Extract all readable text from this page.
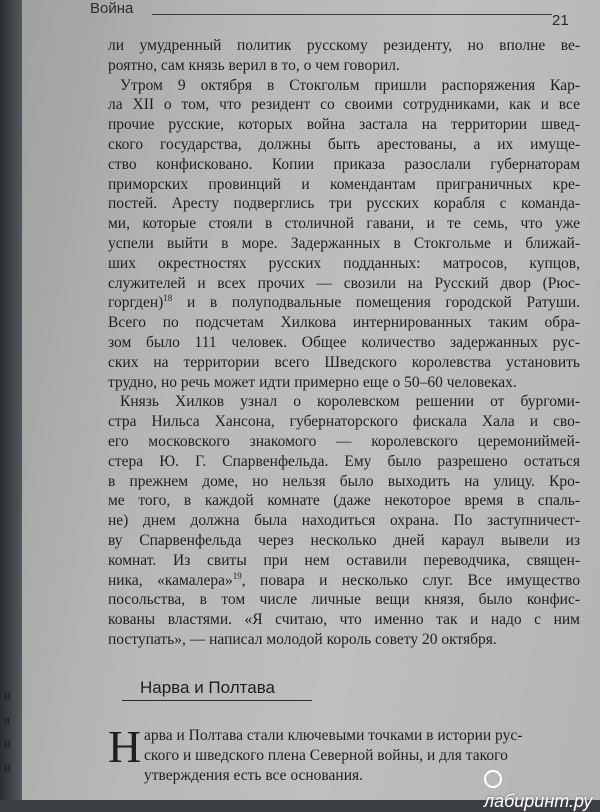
й
я
й
й
Война
21
ли умудренный политик русскому резиденту, но вполне ве-
роятно, сам князь верил в то, о чем говорил.
Утром 9 октября в Стокгольм пришли распоряжения Кар-
ла XII о том, что резидент со своими сотрудниками, как и все
прочие русские, которых война застала на территории швед-
ского государства, должны быть арестованы, а их имуще-
ство конфисковано. Копии приказа разослали губернаторам
приморских провинций и комендантам приграничных кре-
постей. Аресту подверглись три русских корабля с команда-
ми, которые стояли в столичной гавани, и те семь, что уже
успели выйти в море. Задержанных в Стокгольме и ближай-
ших окрестностях русских подданных: матросов, купцов,
служителей и всех прочих — свозили на Русский двор (Рюс-
горгден)$^{18}$ и в полуподвальные помещения городской Ратуши.
Всего по подсчетам Хилкова интернированных таким обра-
зом было 111 человек. Общее количество задержанных рус-
ских на территории всего Шведского королевства установить
трудно, но речь может идти примерно еще о 50–60 человеках.
Князь Хилков узнал о королевском решении от бургоми-
стра Нильса Хансона, губернаторского фискала Хала и сво-
его московского знакомого — королевского церемониймей-
стера Ю. Г. Спарвенфельда. Ему было разрешено остаться
в прежнем доме, но нельзя было выходить на улицу. Кро-
ме того, в каждой комнате (даже некоторое время в спаль-
не) днем должна была находиться охрана. По заступничест-
ву Спарвенфельда через несколько дней караул вывели из
комнат. Из свиты при нем оставили переводчика, священ-
ника, «камалера»$^{19}$, повара и несколько слуг. Все имущество
посольства, в том числе личные вещи князя, было конфис-
кованы властями. «Я считаю, что именно так и надо с ним
поступать», — написал молодой король совету 20 октября.
Нарва и Полтава
Н арва и Полтава стали ключевыми точками в истории рус-
ского и шведского плена Северной войны, и для такого
утверждения есть все основания.
лабиринт.ру
